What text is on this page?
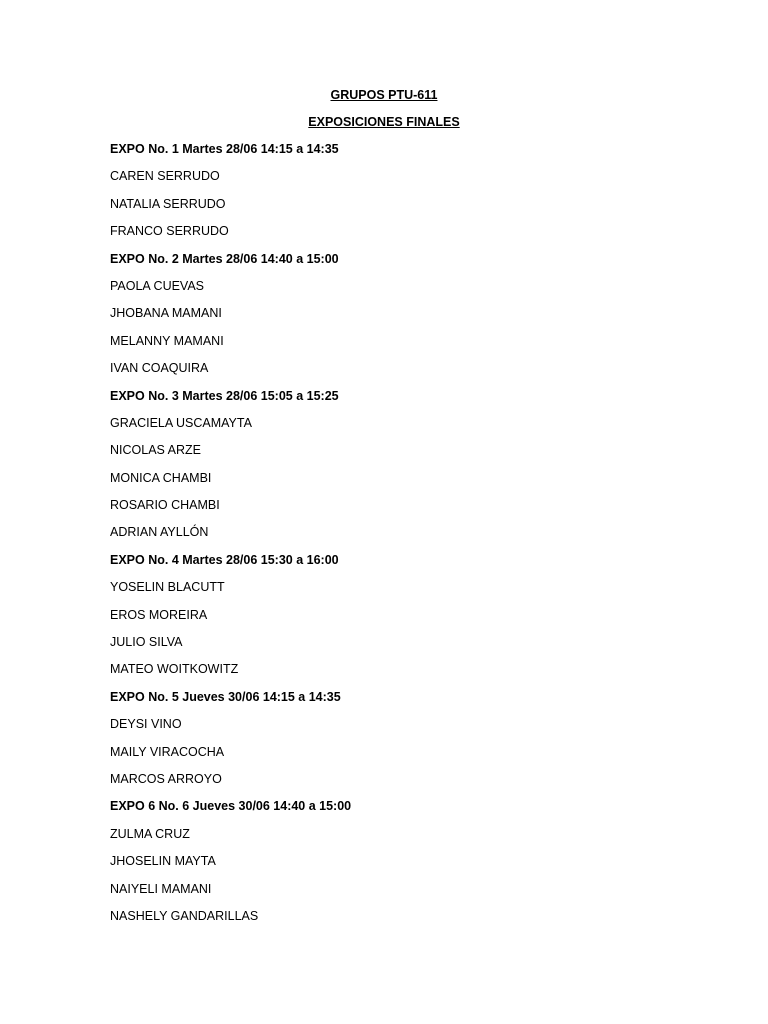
GRUPOS PTU-611
EXPOSICIONES FINALES
EXPO No. 1 Martes 28/06 14:15 a 14:35
CAREN SERRUDO
NATALIA SERRUDO
FRANCO SERRUDO
EXPO No. 2 Martes 28/06 14:40 a 15:00
PAOLA CUEVAS
JHOBANA MAMANI
MELANNY MAMANI
IVAN COAQUIRA
EXPO No. 3 Martes 28/06 15:05 a 15:25
GRACIELA USCAMAYTA
NICOLAS ARZE
MONICA CHAMBI
ROSARIO CHAMBI
ADRIAN AYLLÓN
EXPO No. 4 Martes 28/06 15:30 a 16:00
YOSELIN BLACUTT
EROS MOREIRA
JULIO SILVA
MATEO WOITKOWITZ
EXPO No. 5 Jueves 30/06 14:15 a 14:35
DEYSI VINO
MAILY VIRACOCHA
MARCOS ARROYO
EXPO 6 No. 6 Jueves 30/06 14:40 a 15:00
ZULMA CRUZ
JHOSELIN MAYTA
NAIYELI MAMANI
NASHELY GANDARILLAS
